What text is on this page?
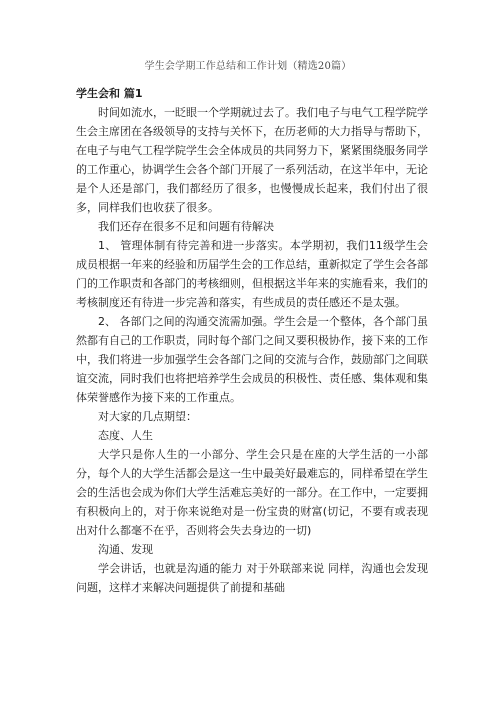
学生会学期工作总结和工作计划（精选20篇）
学生会和 篇1

时间如流水，一眨眼一个学期就过去了。我们电子与电气工程学院学生会主席团在各级领导的支持与关怀下，在历老师的大力指导与帮助下，在电子与电气工程学院学生会全体成员的共同努力下，紧紧围绕服务同学的工作重心，协调学生会各个部门开展了一系列活动，在这半年中，无论是个人还是部门，我们都经历了很多，也慢慢成长起来，我们付出了很多，同样我们也收获了很多。

我们还存在很多不足和问题有待解决

1、 管理体制有待完善和进一步落实。本学期初，我们11级学生会成员根据一年来的经验和历届学生会的工作总结，重新拟定了学生会各部门的工作职责和各部门的考核细则，但根据这半年来的实施看来，我们的考核制度还有待进一步完善和落实，有些成员的责任感还不是太强。

2、 各部门之间的沟通交流需加强。学生会是一个整体，各个部门虽然都有自己的工作职责，同时每个部门之间又要积极协作，接下来的工作中，我们将进一步加强学生会各部门之间的交流与合作，鼓励部门之间联谊交流，同时我们也将把培养学生会成员的积极性、责任感、集体观和集体荣誉感作为接下来的工作重点。

对大家的几点期望：

态度、人生

大学只是你人生的一小部分、学生会只是在座的大学生活的一小部分，每个人的大学生活都会是这一生中最美好最难忘的，同样希望在学生会的生活也会成为你们大学生活难忘美好的一部分。在工作中，一定要拥有积极向上的，对于你来说绝对是一份宝贵的财富(切记，不要有或表现出对什么都毫不在乎，否则将会失去身边的一切)

沟通、发现

学会讲话，也就是沟通的能力 对于外联部来说 同样，沟通也会发现问题，这样才来解决问题提供了前提和基础
